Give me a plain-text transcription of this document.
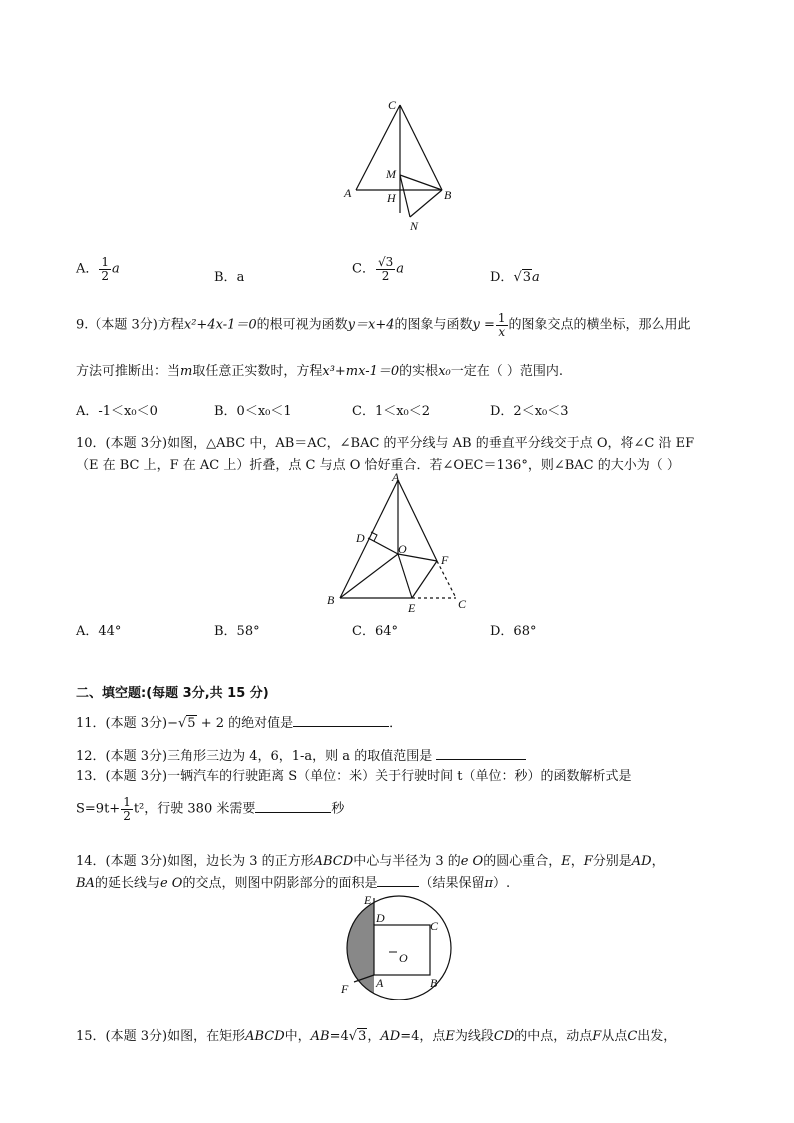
C
M
A	H	B
N
A． $\frac{1}{2}$ a
B．a
C． $\frac{√3}{2}$ a
D．√3a
9.（本题 3分)方程x²+4x-1＝0的根可视为函数y＝x+4的图象与函数$y = \frac{1}{x}$ 的图象交点的横坐标，那么用此
方法可推断出：当m取任意正实数时，方程x³+mx-1＝0的实根x₀一定在（ ）范围内.
A．-1＜x₀＜0	B．0＜x₀＜1	C．1＜x₀＜2	D．2＜x₀＜3
10．(本题 3分)如图，△ABC 中，AB＝AC，∠BAC 的平分线与 AB 的垂直平分线交于点 O，将∠C 沿 EF
（E 在 BC 上，F 在 AC 上）折叠，点 C 与点 O 恰好重合．若∠OEC＝136°，则∠BAC 的大小为（ ）
A
D
O
F
B
E	C
A．44°	B．58°	C．64°	D．68°
二、填空题:(每题 3分,共 15 分)
11．(本题 3分)−√5 + 2 的绝对值是	．
12．(本题 3分)三角形三边为 4，6，1-a，则 a 的取值范围是
13．(本题 3分)一辆汽车的行驶距离 S（单位：米）关于行驶时间 t（单位：秒）的函数解析式是
$S=9t+ \frac{1}{2} t^2$，行驶 380 米需要	秒
14．(本题 3分)如图，边长为 3 的正方形ABCD中心与半径为 3 的e O的圆心重合，E，F分别是AD，
BA的延长线与e O的交点，则图中阴影部分的面积是	（结果保留π）.
E
D
C
O
F A	B
15．(本题 3分)如图，在矩形ABCD中，AB=4√3，AD=4，点E为线段CD的中点，动点F从点C出发，
